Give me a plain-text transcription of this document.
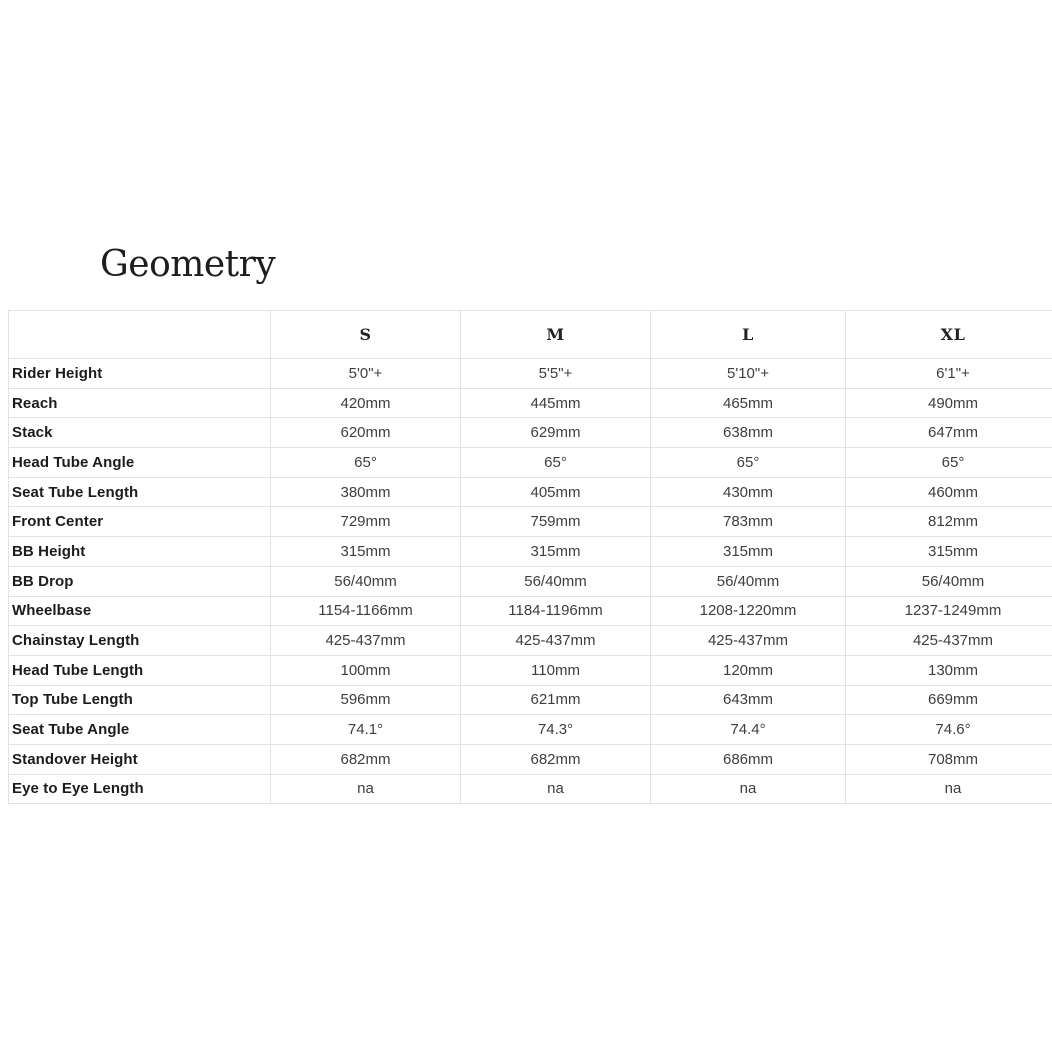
Geometry
	S	M	L	XL
Rider Height	5'0"+	5'5"+	5'10"+	6'1"+
Reach	420mm	445mm	465mm	490mm
Stack	620mm	629mm	638mm	647mm
Head Tube Angle	65°	65°	65°	65°
Seat Tube Length	380mm	405mm	430mm	460mm
Front Center	729mm	759mm	783mm	812mm
BB Height	315mm	315mm	315mm	315mm
BB Drop	56/40mm	56/40mm	56/40mm	56/40mm
Wheelbase	1154-1166mm	1184-1196mm	1208-1220mm	1237-1249mm
Chainstay Length	425-437mm	425-437mm	425-437mm	425-437mm
Head Tube Length	100mm	110mm	120mm	130mm
Top Tube Length	596mm	621mm	643mm	669mm
Seat Tube Angle	74.1°	74.3°	74.4°	74.6°
Standover Height	682mm	682mm	686mm	708mm
Eye to Eye Length	na	na	na	na
